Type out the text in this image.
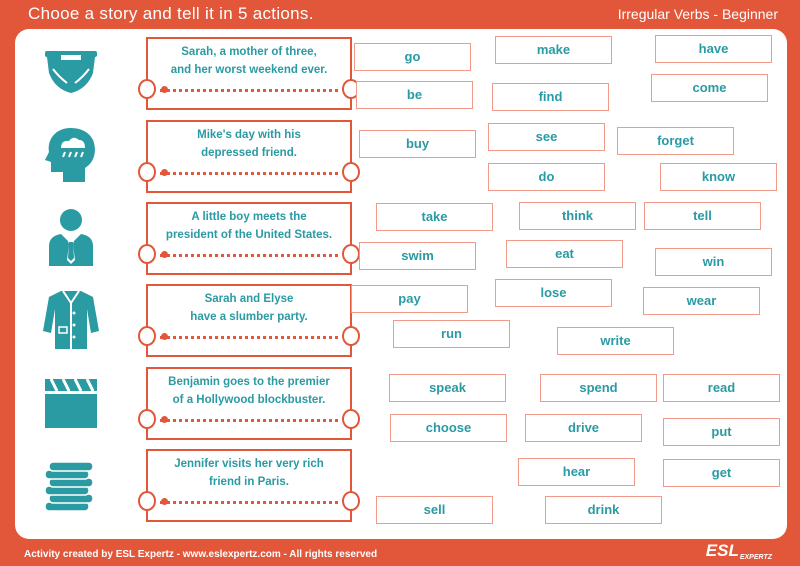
Chooe a story and tell it in 5 actions.	Irregular Verbs - Beginner
Sarah, a mother of three,
and her worst weekend ever.
Mike's day with his
depressed friend.
A little boy meets the
president of the United States.
Sarah and Elyse
have a slumber party.
Benjamin goes to the premier
of a Hollywood blockbuster.
Jennifer visits her very rich
friend in Paris.
go	make	have
be	find
come
buy	see	forget
do	know
take	think	tell
swim	eat
win
pay	lose
wear
run	write
speak	spend	read
choose	drive	put
hear	get
sell	drink
Activity created by ESL Expertz - www.eslexpertz.com - All rights reserved	ESLEXPERTZ
